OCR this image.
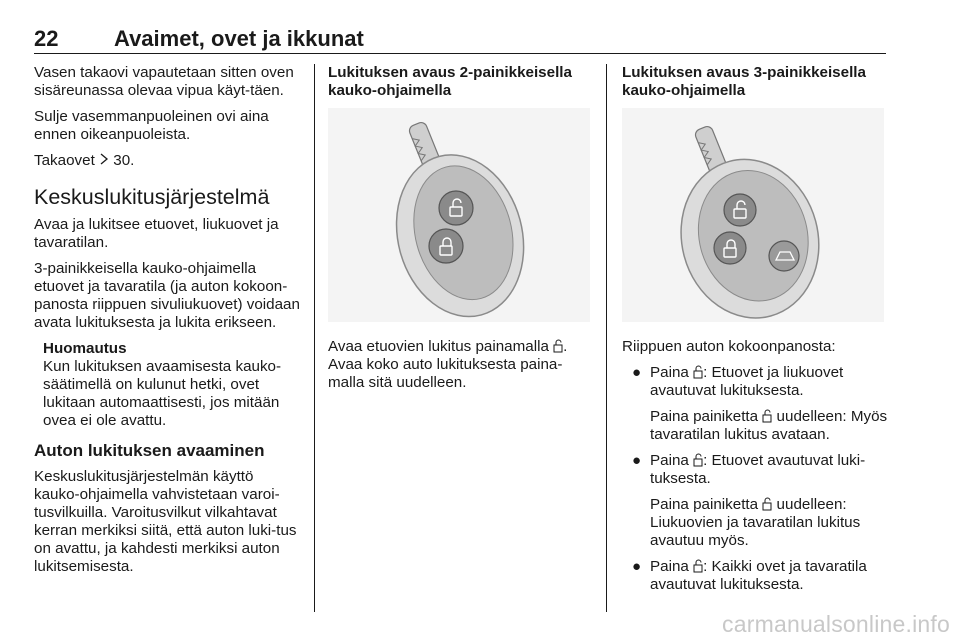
22	Avaimet, ovet ja ikkunat

Vasen takaovi vapautetaan sitten oven sisäreunassa olevaa vipua käyt-täen.

Sulje vasemmanpuoleinen ovi aina ennen oikeanpuoleista.

Takaovet 30.

Keskuslukitusjärjestelmä

Avaa ja lukitsee etuovet, liukuovet ja tavaratilan.

3-painikkeisella kauko-ohjaimella etuovet ja tavaratila (ja auton kokoon-panosta riippuen sivuliukuovet) voidaan avata lukituksesta ja lukita erikseen.

Huomautus
Kun lukituksen avaamisesta kauko-säätimellä on kulunut hetki, ovet lukitaan automaattisesti, jos mitään ovea ei ole avattu.
Auton lukituksen avaaminen

Keskuslukitusjärjestelmän käyttö kauko-ohjaimella vahvistetaan varoi-tusvilkuilla. Varoitusvilkut vilkahtavat kerran merkiksi siitä, että auton luki-tus on avattu, ja kahdesti merkiksi auton lukitsemisesta.

Lukituksen avaus 2-painikkeisella kauko-ohjaimella

Avaa etuovien lukitus painamalla . Avaa koko auto lukituksesta paina-malla sitä uudelleen.

Lukituksen avaus 3-painikkeisella kauko-ohjaimella

Riippuen auton kokoonpanosta:

● Paina : Etuovet ja liukuovet avautuvat lukituksesta.

Paina painiketta uudelleen: Myös tavaratilan lukitus avataan.

● Paina : Etuovet avautuvat luki-tuksesta.

Paina painiketta uudelleen: Liukuovien ja tavaratilan lukitus avautuu myös.

● Paina : Kaikki ovet ja tavaratila avautuvat lukituksesta.

carmanualsonline.info
